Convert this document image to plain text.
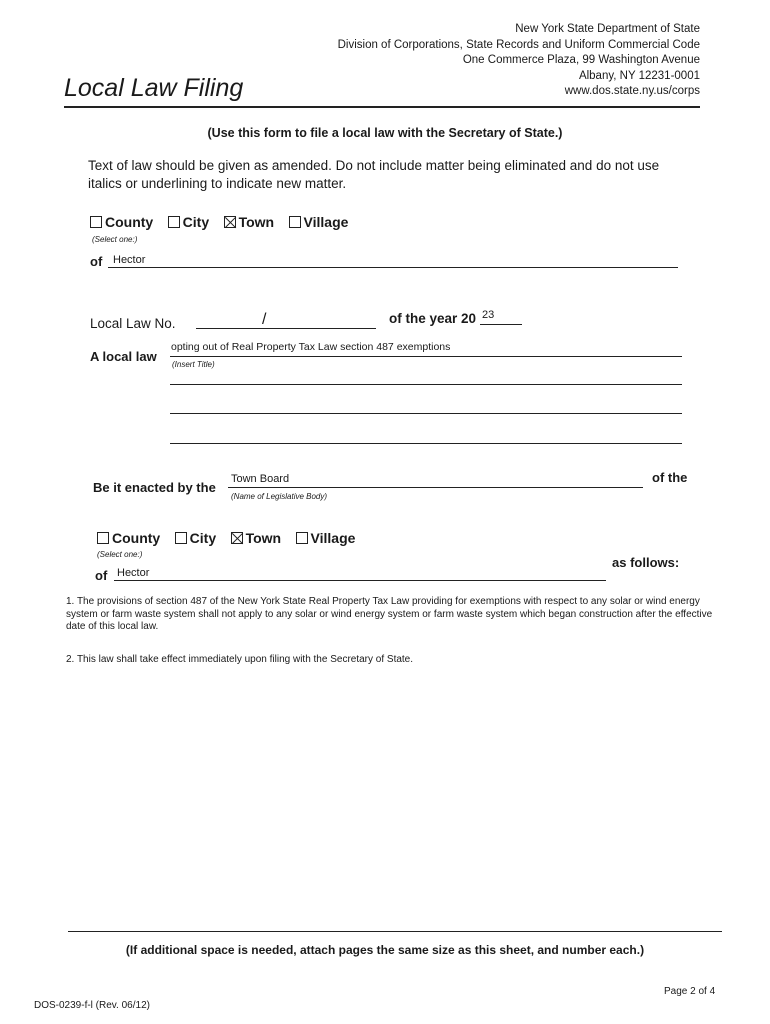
New York State Department of State
Division of Corporations, State Records and Uniform Commercial Code
One Commerce Plaza, 99 Washington Avenue
Albany, NY 12231-0001
www.dos.state.ny.us/corps
Local Law Filing
(Use this form to file a local law with the Secretary of State.)
Text of law should be given as amended. Do not include matter being eliminated and do not use italics or underlining to indicate new matter.
County
City
Town
Village
(Select one:)
of Hector
Local Law No.	/	of the year 20 23
A local law
opting out of Real Property Tax Law section 487 exemptions
(Insert Title)
Be it enacted by the
Town Board
(Name of Legislative Body)
of the
County
City
Town
Village
(Select one:)
of Hector
as follows:
1. The provisions of section 487 of the New York State Real Property Tax Law providing for exemptions with respect to any solar or wind energy system or farm waste system shall not apply to any solar or wind energy system or farm waste system which began construction after the effective date of this local law.
2. This law shall take effect immediately upon filing with the Secretary of State.
(If additional space is needed, attach pages the same size as this sheet, and number each.)
DOS-0239-f-l (Rev. 06/12)
Page 2 of 4
